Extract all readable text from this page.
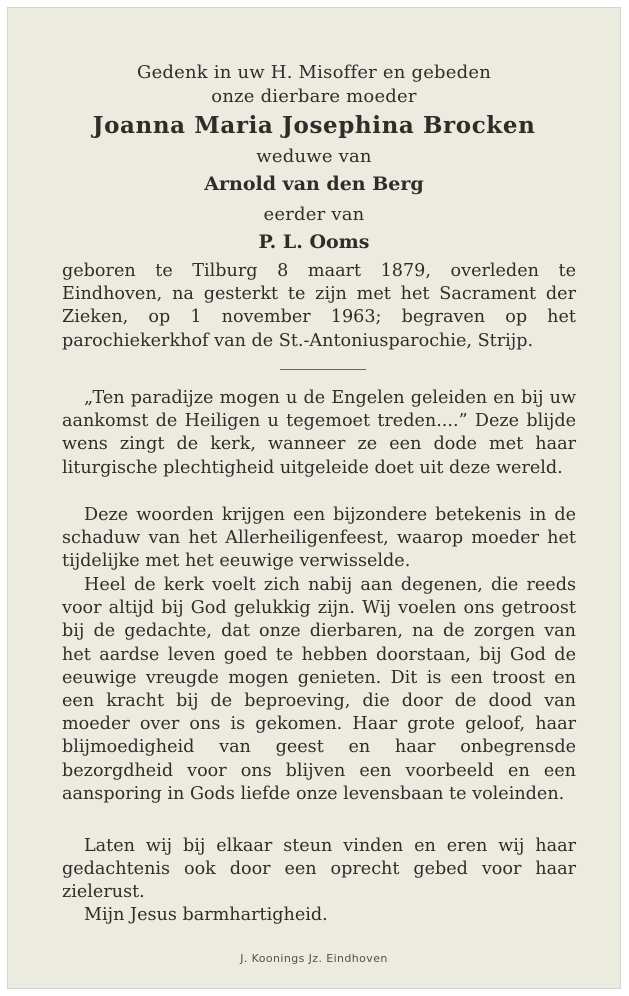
Gedenk in uw H. Misoffer en gebeden
onze dierbare moeder
Joanna Maria Josephina Brocken
weduwe van
Arnold van den Berg
eerder van
P. L. Ooms
geboren te Tilburg 8 maart 1879, overleden te Eindhoven, na gesterkt te zijn met het Sacrament der Zieken, op 1 november 1963; begraven op het parochiekerkhof van de St.-Antoniusparochie, Strijp.
„Ten paradijze mogen u de Engelen geleiden en bij uw aankomst de Heiligen u tegemoet treden....” Deze blijde wens zingt de kerk, wanneer ze een dode met haar liturgische plechtigheid uitgeleide doet uit deze wereld.
Deze woorden krijgen een bijzondere betekenis in de schaduw van het Allerheiligenfeest, waarop moeder het tijdelijke met het eeuwige verwisselde.
Heel de kerk voelt zich nabij aan degenen, die reeds voor altijd bij God gelukkig zijn. Wij voelen ons getroost bij de gedachte, dat onze dierbaren, na de zorgen van het aardse leven goed te hebben doorstaan, bij God de eeuwige vreugde mogen genieten. Dit is een troost en een kracht bij de beproeving, die door de dood van moeder over ons is gekomen. Haar grote geloof, haar blijmoedigheid van geest en haar onbegrensde bezorgdheid voor ons blijven een voorbeeld en een aansporing in Gods liefde onze levensbaan te voleinden.
Laten wij bij elkaar steun vinden en eren wij haar gedachtenis ook door een oprecht gebed voor haar zielerust.
Mijn Jesus barmhartigheid.
J. Koonings Jz. Eindhoven
